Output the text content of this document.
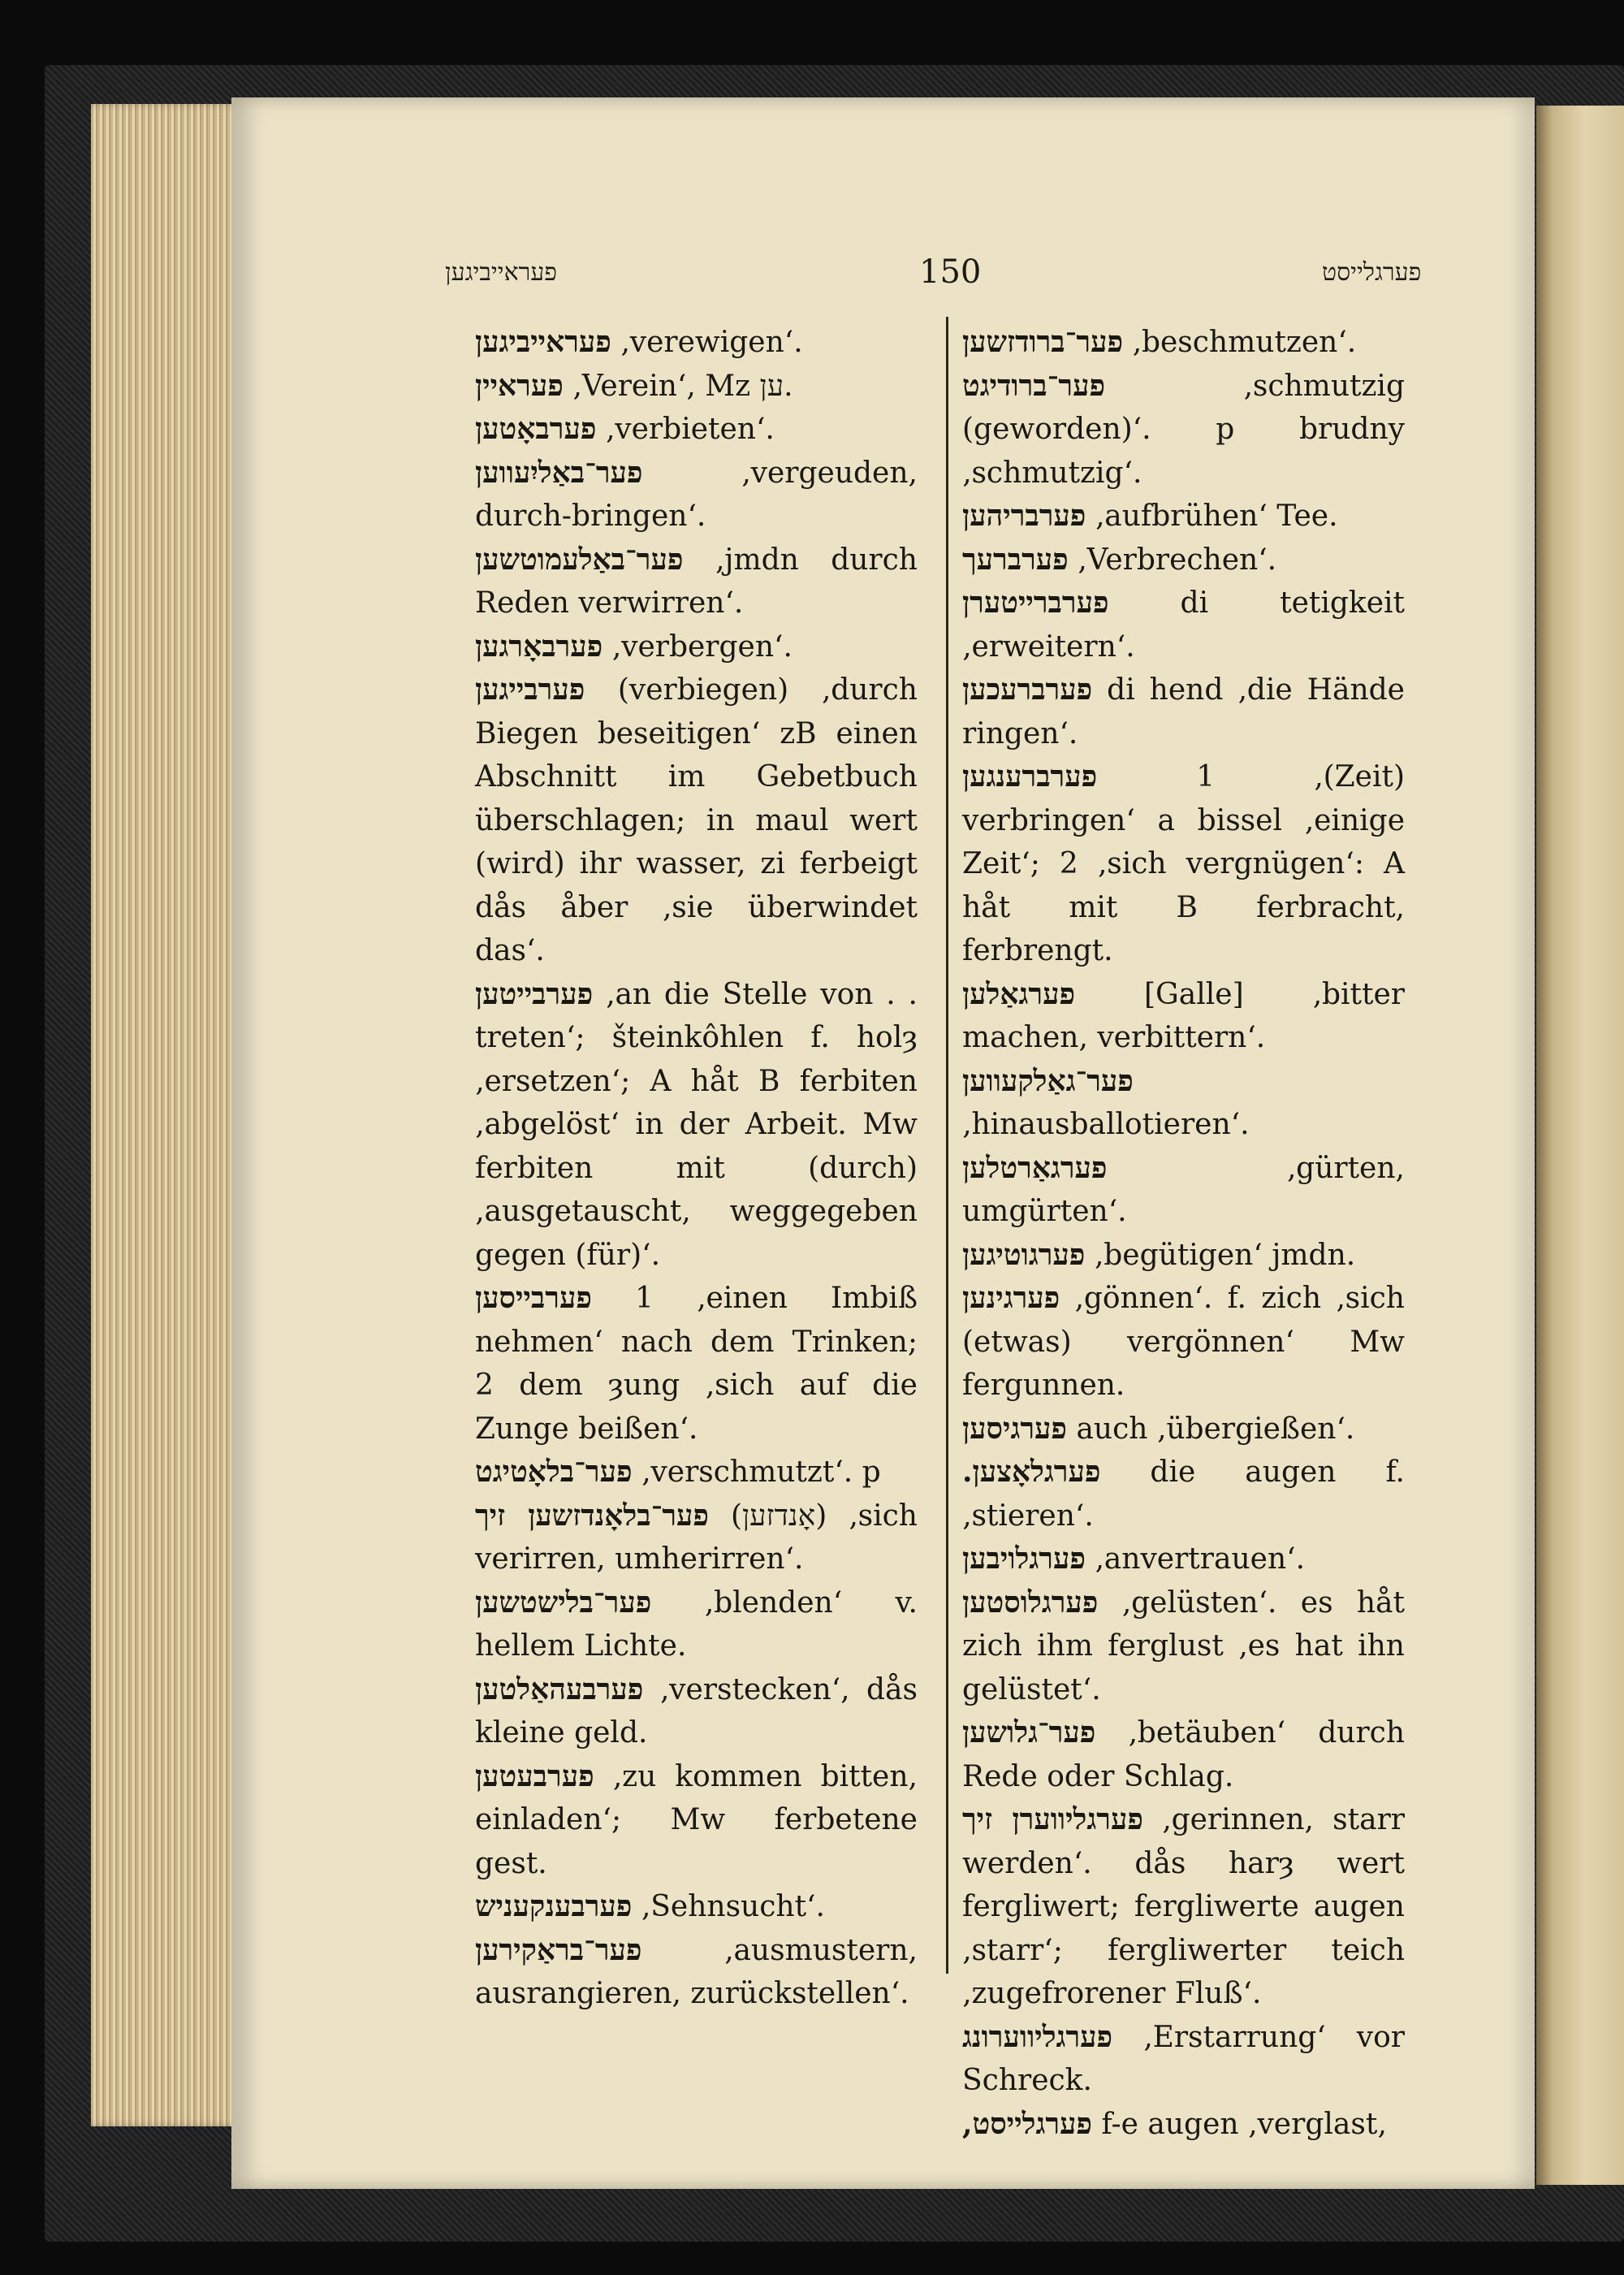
פעראייביגען	150	פערגלייסט
פעראייביגען ‚verewigen‘.
פעראיין ‚Verein‘, Mz ען.
פערבאָטען ‚verbieten‘.
פער־באַליִעווען ‚vergeuden, durch-bringen‘.
פער־באַלעמוטשען ‚jmdn durch Reden verwirren‘.
פערבאָרגען ‚verbergen‘.
פערבייגען (verbiegen) ‚durch Biegen beseitigen‘ zB einen Abschnitt im Gebetbuch überschlagen; in maul wert (wird) ihr wasser, zi ferbeigt dås åber ‚sie überwindet das‘.
פערבייטען ‚an die Stelle von . . treten‘; šteinkôhlen f. holȝ ‚ersetzen‘; A håt B ferbiten ‚abgelöst‘ in der Arbeit. Mw ferbiten mit (durch) ‚ausgetauscht, weggegeben gegen (für)‘.
פערבייסען 1 ‚einen Imbiß nehmen‘ nach dem Trinken; 2 dem ȝung ‚sich auf die Zunge beißen‘.
פער־בלאָטיגט ‚verschmutzt‘. p
פער־בלאָנדזשען זיך (אָנדזען) ‚sich verirren, umherirren‘.
פער־בלישטשען ‚blenden‘ v. hellem Lichte.
פערבעהאַלטען ‚verstecken‘, dås kleine geld.
פערבעטען ‚zu kommen bitten, einladen‘; Mw ferbetene gest.
פערבענקעניש ‚Sehnsucht‘.
פער־בראַקירען ‚ausmustern, ausrangieren, zurückstellen‘.
פער־ברודזשען ‚beschmutzen‘.
פער־ברודיגט ‚schmutzig (geworden)‘. p brudny ‚schmutzig‘.
פערבריהען ‚aufbrühen‘ Tee.
פערברעך ‚Verbrechen‘.
פערברייטערן di tetigkeit ‚erweitern‘.
פערברעכען di hend ‚die Hände ringen‘.
פערברענגען 1 ‚(Zeit) verbringen‘ a bissel ‚einige Zeit‘; 2 ‚sich vergnügen‘: A håt mit B ferbracht, ferbrengt.
פערגאַלען [Galle] ‚bitter machen, verbittern‘.
פער־גאַלקעווען ‚hinausballotieren‘.
פערגאַרטלען ‚gürten, umgürten‘.
פערגוטיגען ‚begütigen‘ jmdn.
פערגינען ‚gönnen‘. f. zich ‚sich (etwas) vergönnen‘ Mw fergunnen.
פערגיסען auch ‚übergießen‘.
פערגלאָצען. die augen f. ‚stieren‘.
פערגלויבען ‚anvertrauen‘.
פערגלוסטען ‚gelüsten‘. es håt zich ihm ferglust ‚es hat ihn gelüstet‘.
פער־גלושען ‚betäuben‘ durch Rede oder Schlag.
פערגליווערן זיך ‚gerinnen, starr werden‘. dås harȝ wert fergliwert; fergliwerte augen ‚starr‘; fergliwerter teich ‚zugefrorener Fluß‘.
פערגליווערונג ‚Erstarrung‘ vor Schreck.
פערגלייסט, f-e augen ‚verglast‚
